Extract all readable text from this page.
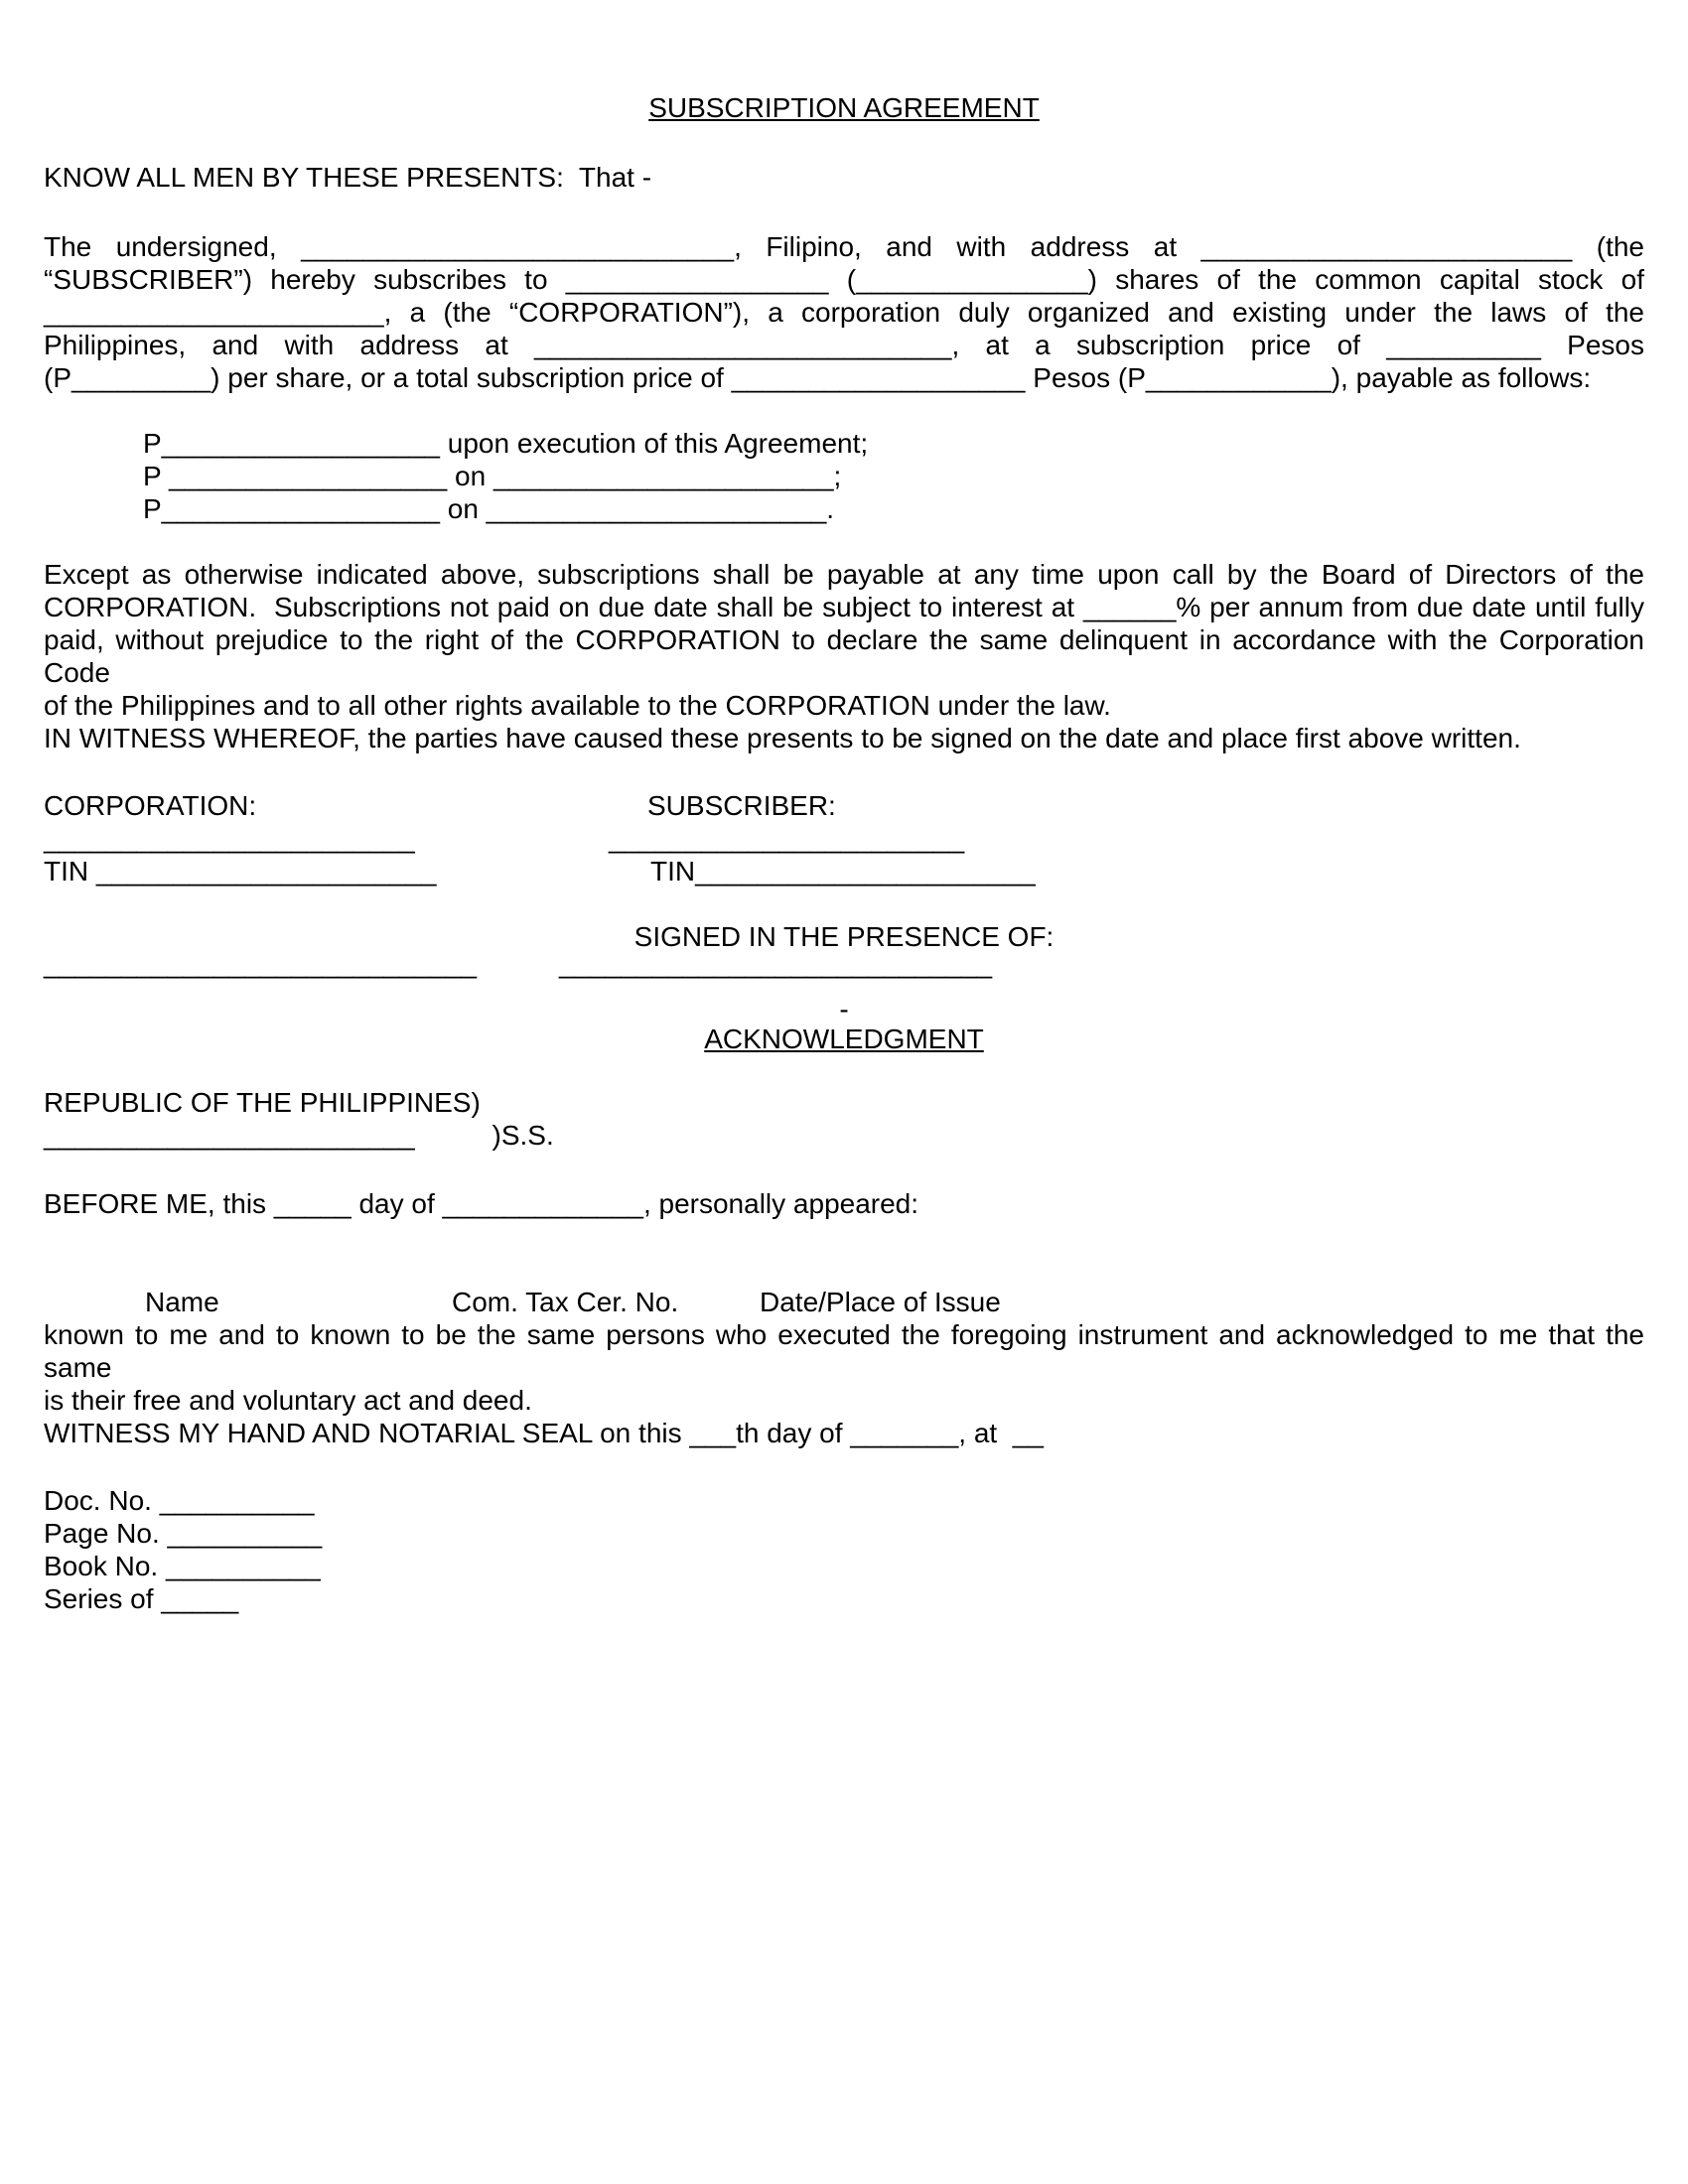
SUBSCRIPTION AGREEMENT
KNOW ALL MEN BY THESE PRESENTS:  That -
The undersigned, ____________________________, Filipino, and with address at ________________________ (the
“SUBSCRIBER”) hereby subscribes to _________________ (_______________) shares of the common capital stock of
______________________, a (the “CORPORATION”), a corporation duly organized and existing under the laws of the
Philippines, and with address at ___________________________, at a subscription price of __________ Pesos
(P_________) per share, or a total subscription price of ___________________ Pesos (P____________), payable as follows:
P__________________ upon execution of this Agreement;
P __________________ on ______________________;
P__________________ on ______________________.
Except as otherwise indicated above, subscriptions shall be payable at any time upon call by the Board of Directors of the
CORPORATION.  Subscriptions not paid on due date shall be subject to interest at ______% per annum from due date until fully
paid, without prejudice to the right of the CORPORATION to declare the same delinquent in accordance with the Corporation Code
of the Philippines and to all other rights available to the CORPORATION under the law.
IN WITNESS WHEREOF, the parties have caused these presents to be signed on the date and place first above written.
CORPORATION:	SUBSCRIBER:
________________________	_______________________
TIN ______________________	TIN______________________
SIGNED IN THE PRESENCE OF:
____________________________	____________________________
-
ACKNOWLEDGMENT
REPUBLIC OF THE PHILIPPINES)
________________________          )S.S.
BEFORE ME, this _____ day of _____________, personally appeared:
Name	Com. Tax Cer. No.	Date/Place of Issue
known to me and to known to be the same persons who executed the foregoing instrument and acknowledged to me that the same
is their free and voluntary act and deed.
WITNESS MY HAND AND NOTARIAL SEAL on this ___th day of _______, at  __
Doc. No. __________
Page No. __________
Book No. __________
Series of _____
